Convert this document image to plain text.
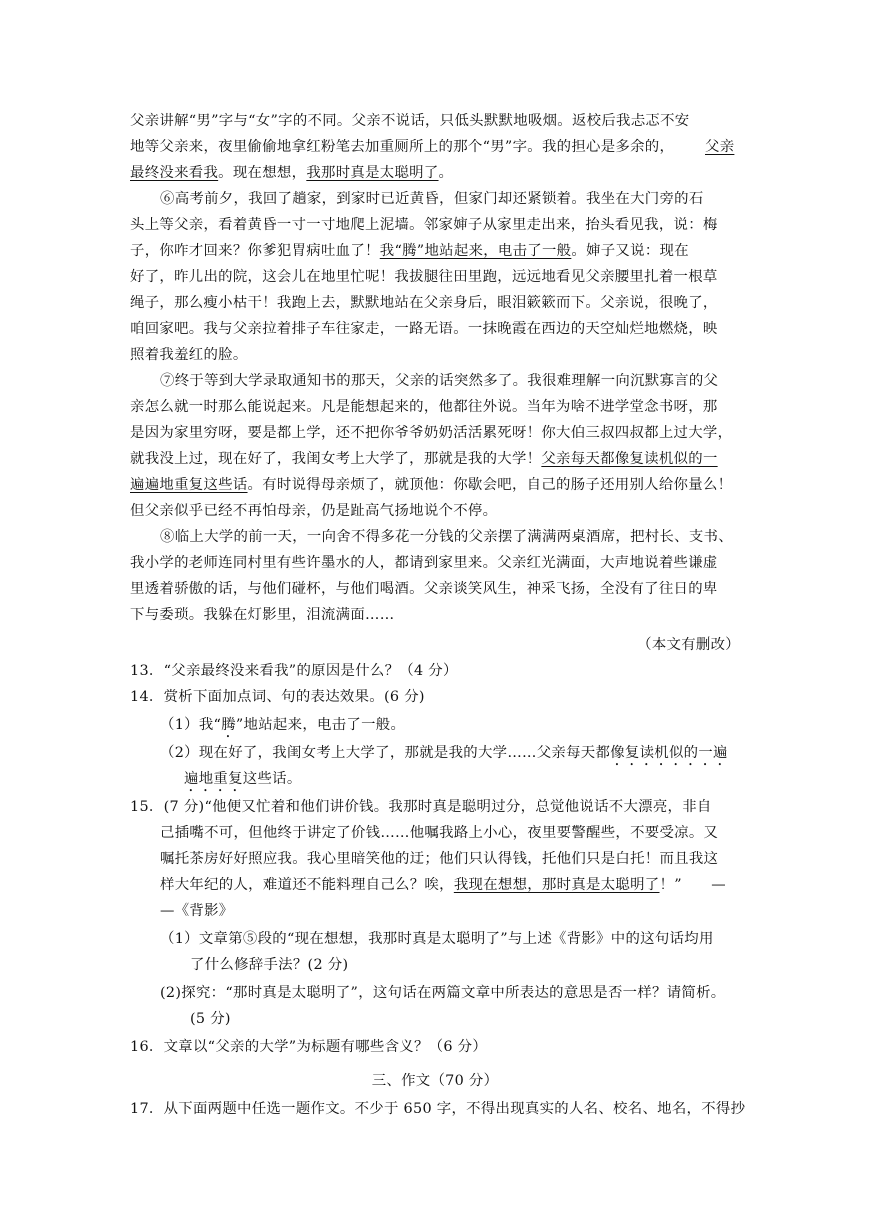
父亲讲解“男”字与“女”字的不同。父亲不说话，只低头默默地吸烟。返校后我忐忑不安
地等父亲来，夜里偷偷地拿红粉笔去加重厕所上的那个“男”字。我的担心是多余的，	父亲
最终没来看我。现在想想，我那时真是太聪明了。
⑥高考前夕，我回了趟家，到家时已近黄昏，但家门却还紧锁着。我坐在大门旁的石
头上等父亲，看着黄昏一寸一寸地爬上泥墙。邻家婶子从家里走出来，抬头看见我，说：梅
子，你咋才回来？你爹犯胃病吐血了！我“腾”地站起来，电击了一般。婶子又说：现在
好了，昨儿出的院，这会儿在地里忙呢！我拔腿往田里跑，远远地看见父亲腰里扎着一根草
绳子，那么瘦小枯干！我跑上去，默默地站在父亲身后，眼泪簌簌而下。父亲说，很晚了，
咱回家吧。我与父亲拉着排子车往家走，一路无语。一抹晚霞在西边的天空灿烂地燃烧，映
照着我羞红的脸。
⑦终于等到大学录取通知书的那天，父亲的话突然多了。我很难理解一向沉默寡言的父
亲怎么就一时那么能说起来。凡是能想起来的，他都往外说。当年为啥不进学堂念书呀，那
是因为家里穷呀，要是都上学，还不把你爷爷奶奶活活累死呀！你大伯三叔四叔都上过大学，
就我没上过，现在好了，我闺女考上大学了，那就是我的大学！父亲每天都像复读机似的一
遍遍地重复这些话。有时说得母亲烦了，就顶他：你歇会吧，自己的肠子还用别人给你量么！
但父亲似乎已经不再怕母亲，仍是趾高气扬地说个不停。
⑧临上大学的前一天，一向舍不得多花一分钱的父亲摆了满满两桌酒席，把村长、支书、
我小学的老师连同村里有些许墨水的人，都请到家里来。父亲红光满面，大声地说着些谦虚
里透着骄傲的话，与他们碰杯，与他们喝酒。父亲谈笑风生，神采飞扬，全没有了往日的卑
下与委琐。我躲在灯影里，泪流满面……
（本文有删改）
13．“父亲最终没来看我”的原因是什么？（4 分）
14．赏析下面加点词、句的表达效果。(6 分)
（1）我“腾”地站起来，电击了一般。
（2）现在好了，我闺女考上大学了，那就是我的大学……父亲每天都像复读机似的一遍
遍地重复这些话。
15．(7 分)“他便又忙着和他们讲价钱。我那时真是聪明过分，总觉他说话不大漂亮，非自
己插嘴不可，但他终于讲定了价钱……他嘱我路上小心，夜里要警醒些，不要受凉。又
嘱托茶房好好照应我。我心里暗笑他的迂；他们只认得钱，托他们只是白托！而且我这
样大年纪的人，难道还不能料理自己么？唉，我现在想想，那时真是太聪明了！”　　—
—《背影》
（1）文章第⑤段的“现在想想，我那时真是太聪明了”与上述《背影》中的这句话均用
了什么修辞手法？(2 分)
(2)探究：“那时真是太聪明了”，这句话在两篇文章中所表达的意思是否一样？请简析。
(5 分)
16．文章以“父亲的大学”为标题有哪些含义？（6 分）
三、作文（70 分）
17．从下面两题中任选一题作文。不少于 650 字，不得出现真实的人名、校名、地名，不得抄
